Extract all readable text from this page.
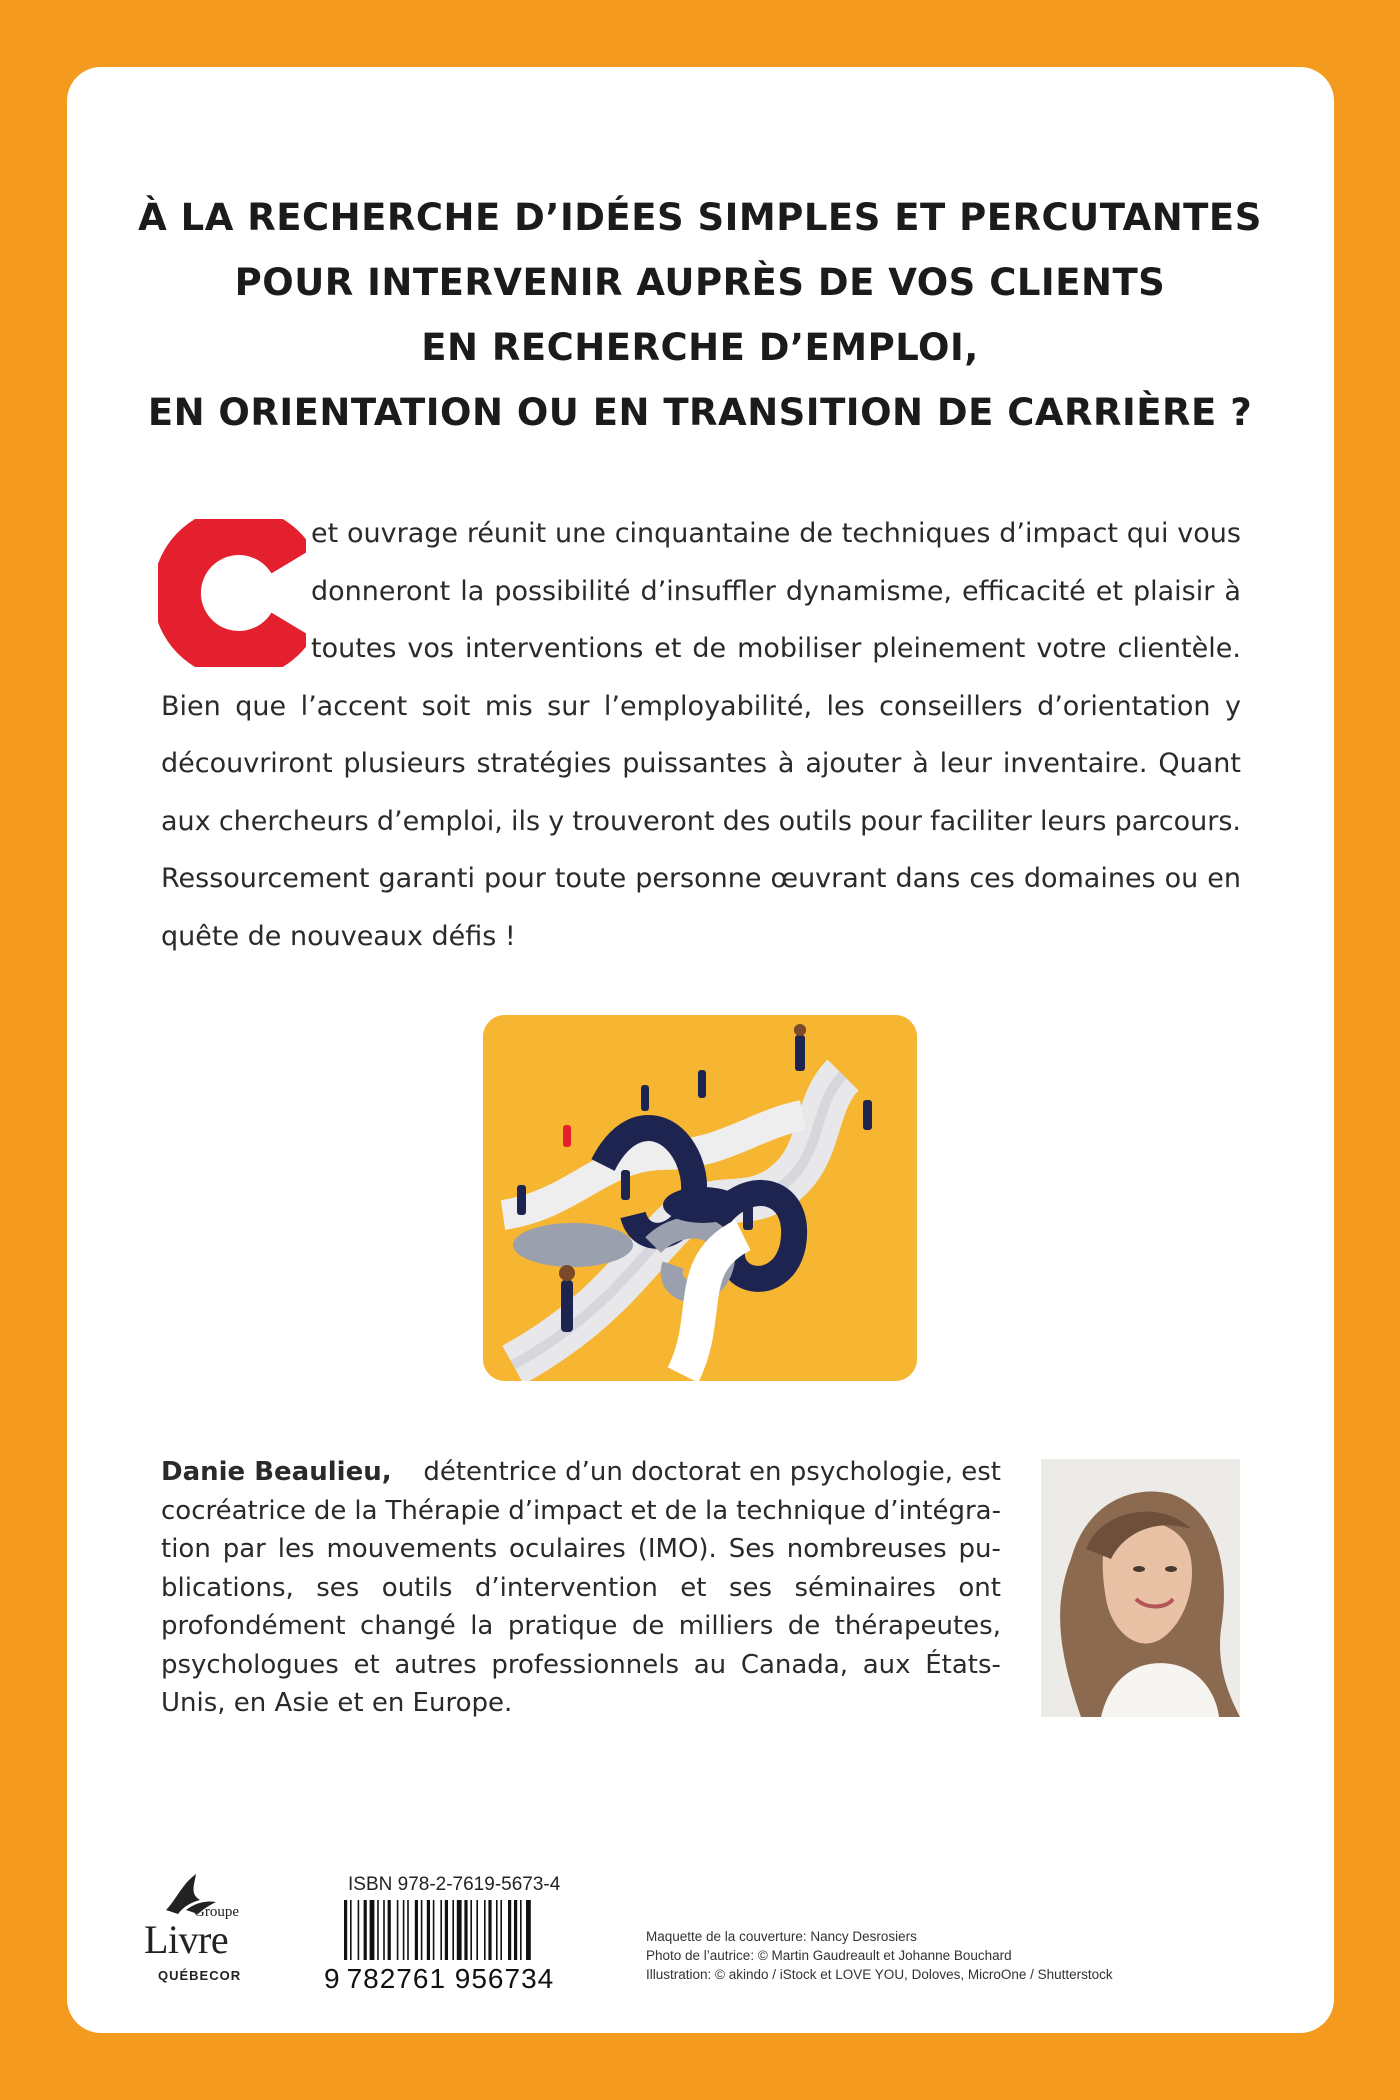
À LA RECHERCHE D’IDÉES SIMPLES ET PERCUTANTES
POUR INTERVENIR AUPRÈS DE VOS CLIENTS
EN RECHERCHE D’EMPLOI,
EN ORIENTATION OU EN TRANSITION DE CARRIÈRE ?
et ouvrage réunit une cinquantaine de techniques d’impact qui vous
donneront la possibilité d’insuffler dynamisme, efficacité et plaisir à
toutes vos interventions et de mobiliser pleinement votre clientèle.
Bien que l’accent soit mis sur l’employabilité, les conseillers d’orientation y
découvriront plusieurs stratégies puissantes à ajouter à leur inventaire. Quant
aux chercheurs d’emploi, ils y trouveront des outils pour faciliter leurs parcours.
Ressourcement garanti pour toute personne œuvrant dans ces domaines ou en
quête de nouveaux défis !
Danie Beaulieu, détentrice d’un doctorat en psychologie, est
cocréatrice de la Thérapie d’impact et de la technique d’intégra-
tion par les mouvements oculaires (IMO). Ses nombreuses pu-
blications, ses outils d’intervention et ses séminaires ont
profondément changé la pratique de milliers de thérapeutes,
psychologues et autres professionnels au Canada, aux États-
Unis, en Asie et en Europe.
Groupe
Livre
QUÉBECOR
ISBN 978-2-7619-5673-4
9 782761 956734
Maquette de la couverture: Nancy Desrosiers
Photo de l’autrice: © Martin Gaudreault et Johanne Bouchard
Illustration: © akindo / iStock et LOVE YOU, Doloves, MicroOne / Shutterstock
